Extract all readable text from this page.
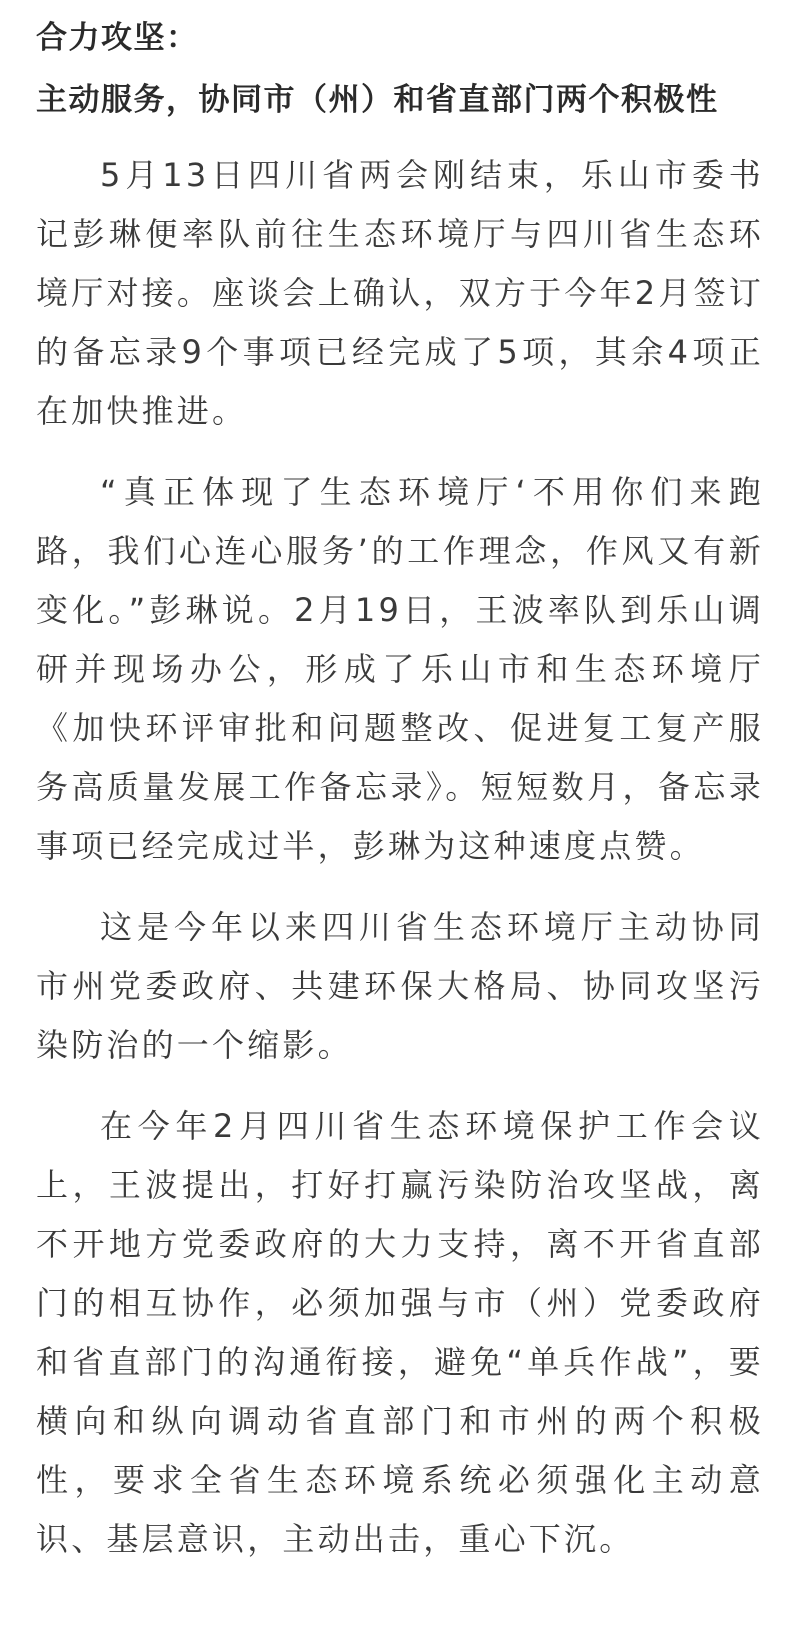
合力攻坚：
主动服务，协同市（州）和省直部门两个积极性

5月13日四川省两会刚结束，乐山市委书记彭琳便率队前往生态环境厅与四川省生态环境厅对接。座谈会上确认，双方于今年2月签订的备忘录9个事项已经完成了5项，其余4项正在加快推进。

“真正体现了生态环境厅‘不用你们来跑路，我们心连心服务’的工作理念，作风又有新变化。”彭琳说。2月19日，王波率队到乐山调研并现场办公，形成了乐山市和生态环境厅《加快环评审批和问题整改、促进复工复产服务高质量发展工作备忘录》。短短数月，备忘录事项已经完成过半，彭琳为这种速度点赞。

这是今年以来四川省生态环境厅主动协同市州党委政府、共建环保大格局、协同攻坚污染防治的一个缩影。

在今年2月四川省生态环境保护工作会议上，王波提出，打好打赢污染防治攻坚战，离不开地方党委政府的大力支持，离不开省直部门的相互协作，必须加强与市（州）党委政府和省直部门的沟通衔接，避免“单兵作战”，要横向和纵向调动省直部门和市州的两个积极性，要求全省生态环境系统必须强化主动意识、基层意识，主动出击，重心下沉。
